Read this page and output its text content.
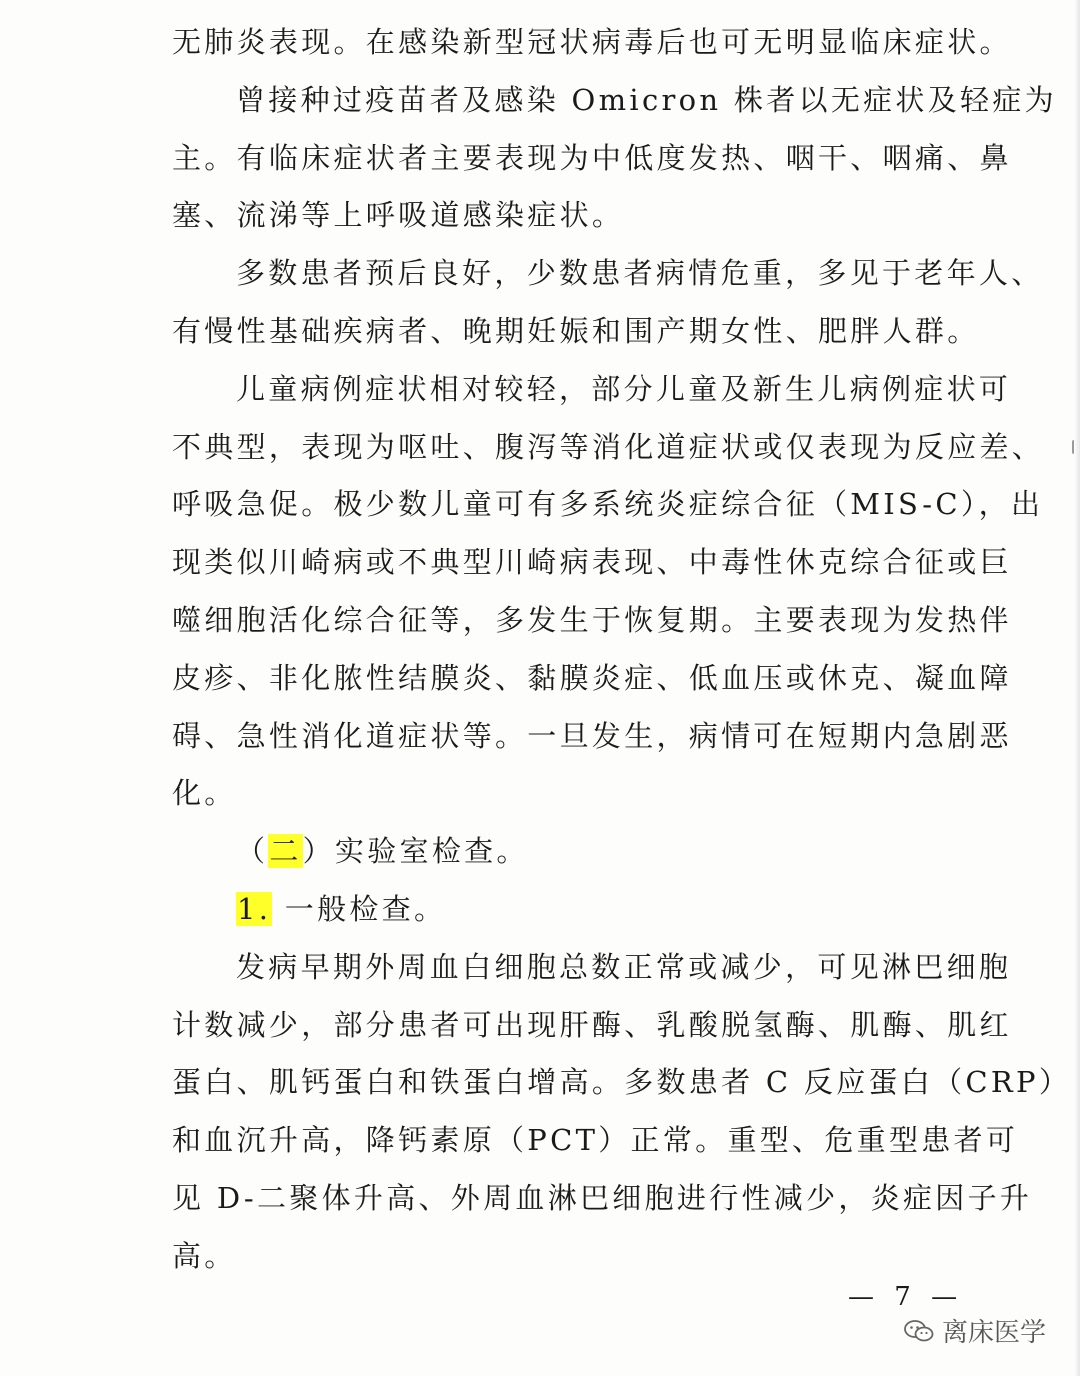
无肺炎表现。在感染新型冠状病毒后也可无明显临床症状。
曾接种过疫苗者及感染 Omicron 株者以无症状及轻症为
主。有临床症状者主要表现为中低度发热、咽干、咽痛、鼻
塞、流涕等上呼吸道感染症状。
多数患者预后良好，少数患者病情危重，多见于老年人、
有慢性基础疾病者、晚期妊娠和围产期女性、肥胖人群。
儿童病例症状相对较轻，部分儿童及新生儿病例症状可
不典型，表现为呕吐、腹泻等消化道症状或仅表现为反应差、
呼吸急促。极少数儿童可有多系统炎症综合征（MIS-C），出
现类似川崎病或不典型川崎病表现、中毒性休克综合征或巨
噬细胞活化综合征等，多发生于恢复期。主要表现为发热伴
皮疹、非化脓性结膜炎、黏膜炎症、低血压或休克、凝血障
碍、急性消化道症状等。一旦发生，病情可在短期内急剧恶
化。
（二）实验室检查。
1. 一般检查。
发病早期外周血白细胞总数正常或减少，可见淋巴细胞
计数减少，部分患者可出现肝酶、乳酸脱氢酶、肌酶、肌红
蛋白、肌钙蛋白和铁蛋白增高。多数患者 C 反应蛋白（CRP）
和血沉升高，降钙素原（PCT）正常。重型、危重型患者可
见 D-二聚体升高、外周血淋巴细胞进行性减少，炎症因子升
高。
— 7 —
离床医学
